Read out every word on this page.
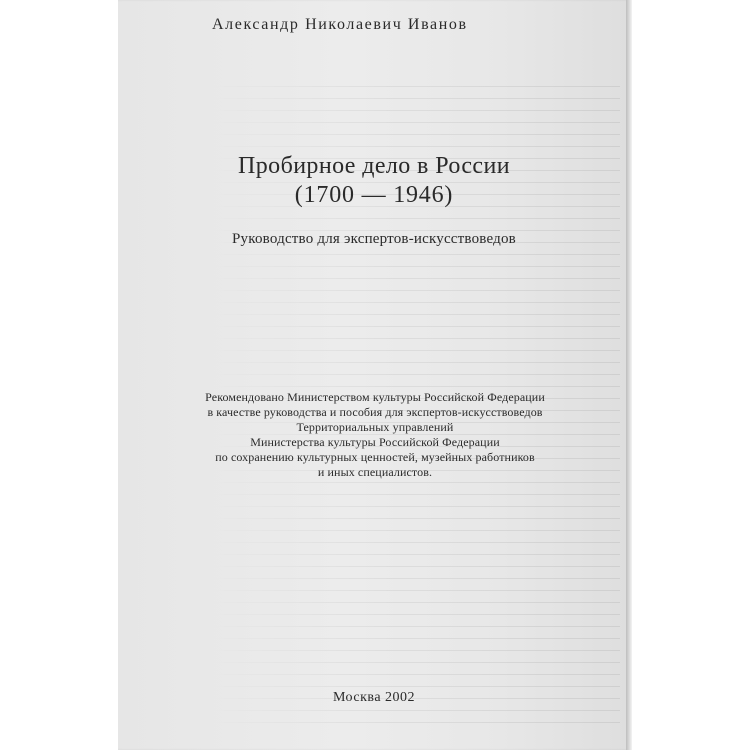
Александр Николаевич Иванов
Пробирное дело в России
(1700 — 1946)
Руководство для экспертов-искусствоведов
Рекомендовано Министерством культуры Российской Федерации
в качестве руководства и пособия для экспертов-искусствоведов
Территориальных управлений
Министерства культуры Российской Федерации
по сохранению культурных ценностей, музейных работников
и иных специалистов.
Москва 2002
